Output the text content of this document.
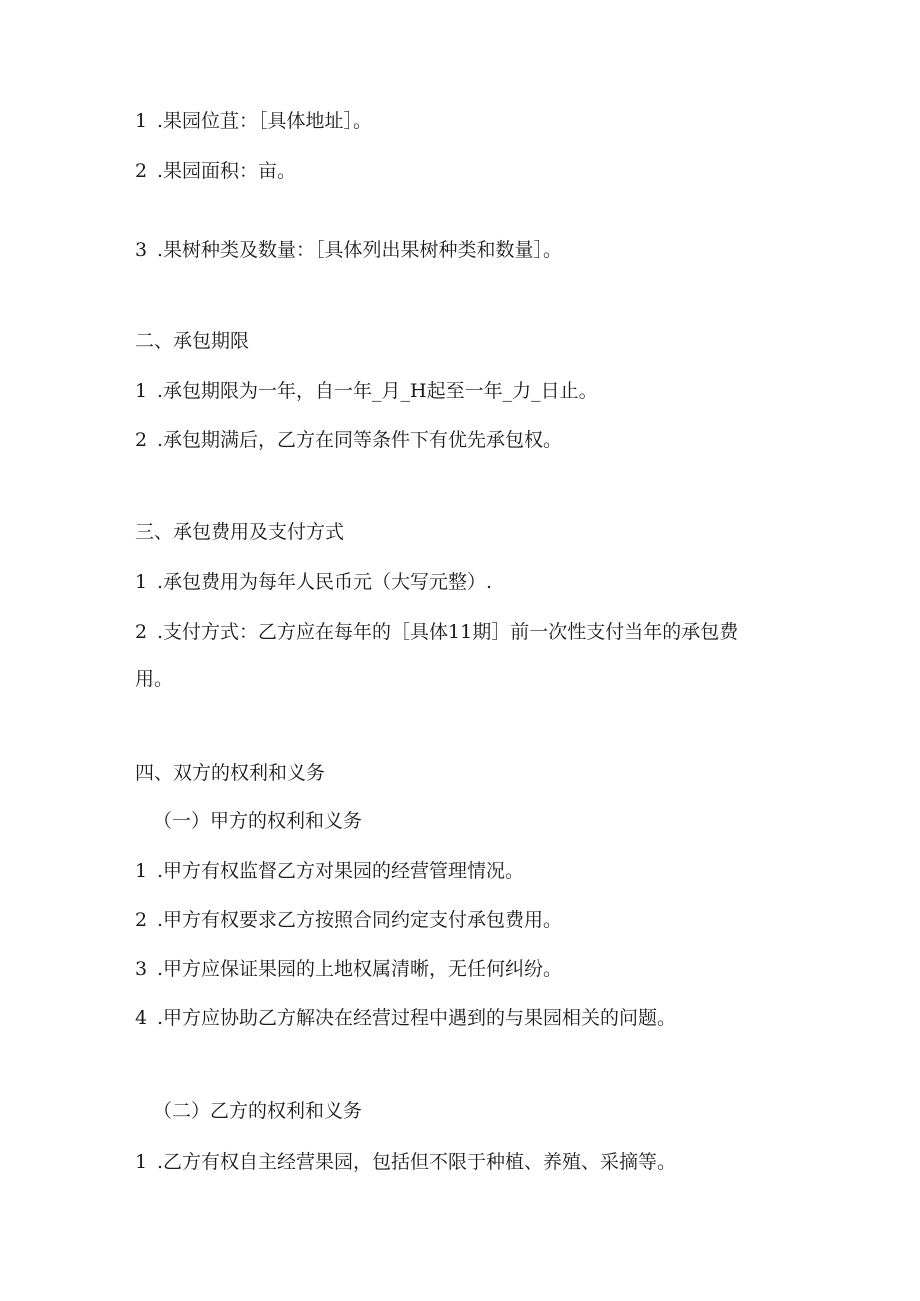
1 .果园位苴：［具体地址］。
2 .果园面积：亩。
3 .果树种类及数量：［具体列出果树种类和数量］。
二、承包期限
1 .承包期限为一年，自一年_月_H起至一年_力_日止。
2 .承包期满后，乙方在同等条件下有优先承包权。
三、承包费用及支付方式
1 .承包费用为每年人民币元（大写元整）.
2 .支付方式：乙方应在每年的［具体11期］前一次性支付当年的承包费
用。
四、双方的权利和义务
（一）甲方的权利和义务
1 .甲方有权监督乙方对果园的经营管理情况。
2 .甲方有权要求乙方按照合同约定支付承包费用。
3 .甲方应保证果园的上地权属清晰，无任何纠纷。
4 .甲方应协助乙方解决在经营过程中遇到的与果园相关的问题。
（二）乙方的权利和义务
1 .乙方有权自主经营果园，包括但不限于种植、养殖、采摘等。
